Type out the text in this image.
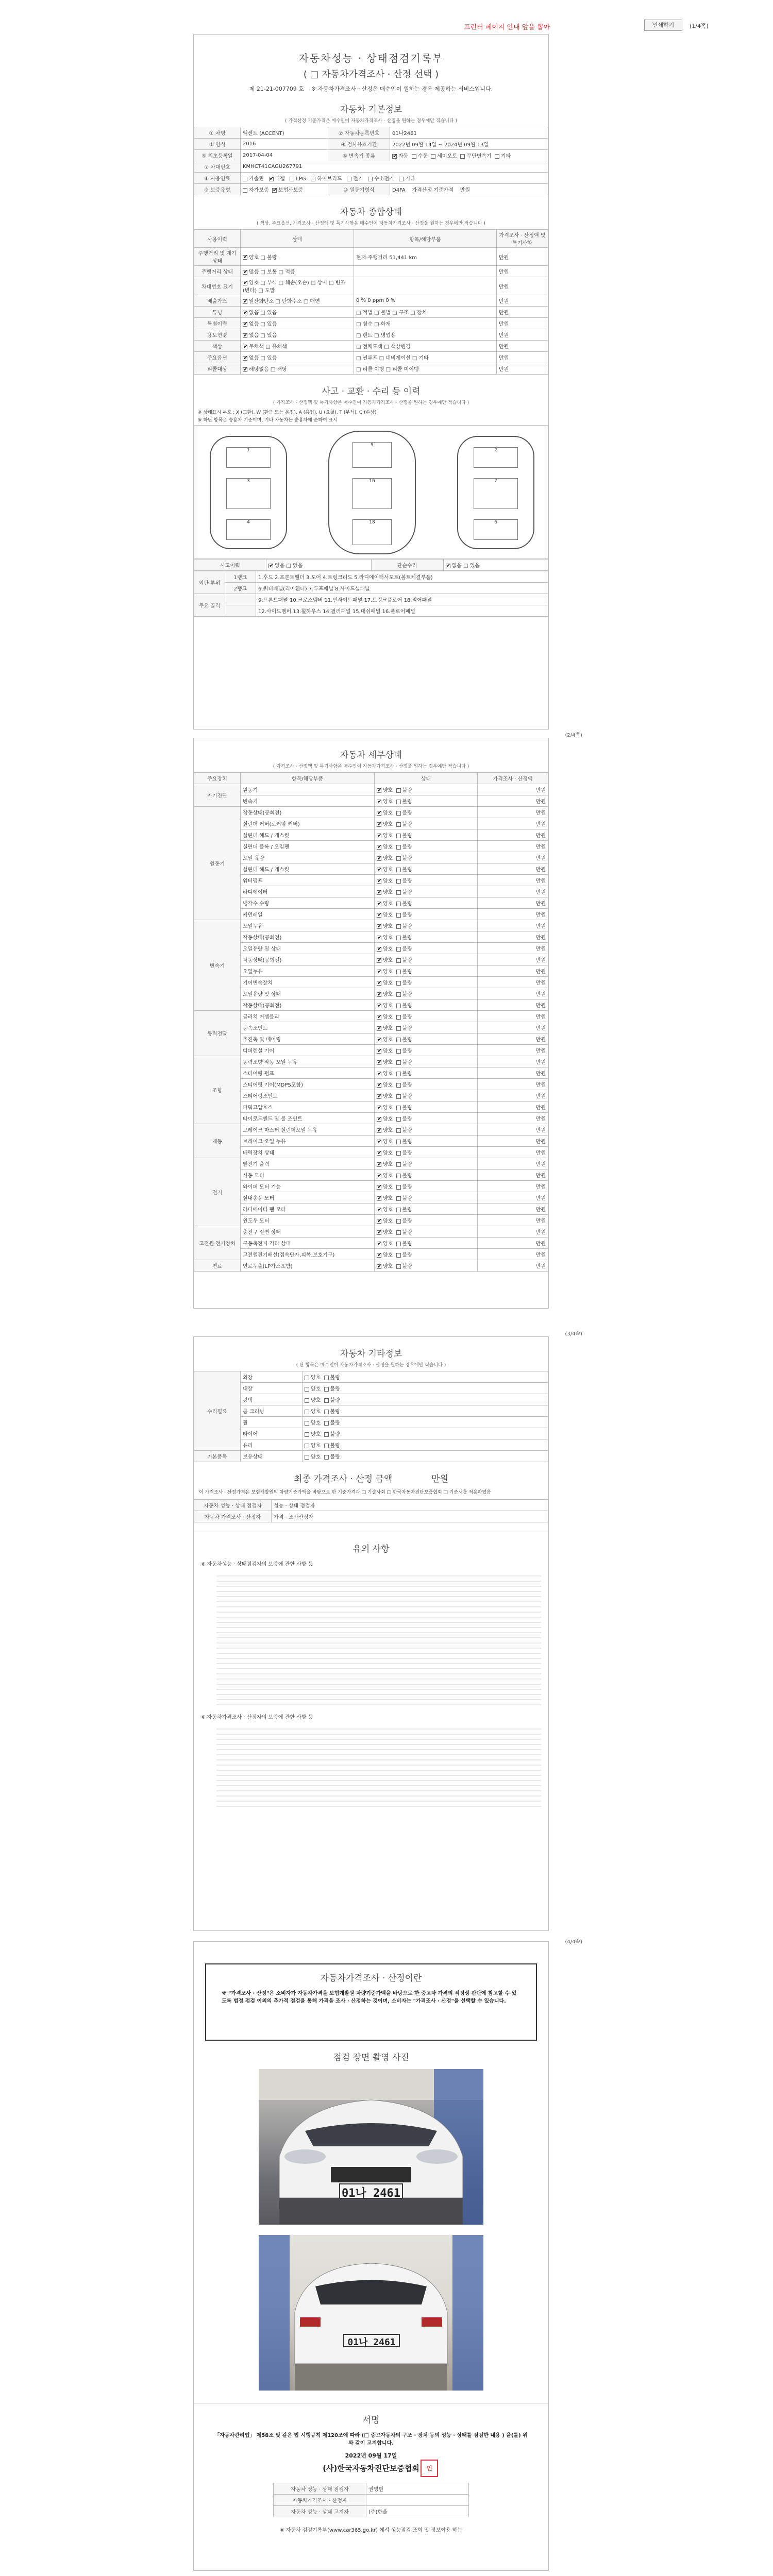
프린터 페이지 안내 앞을 뽑아	인쇄하기	(1/4쪽)
자동차성능 · 상태점검기록부
( □ 자동차가격조사 · 산정 선택 )
제 21-21-007709 호 ※ 자동차가격조사 · 산정은 매수인이 원하는 경우 제공하는 서비스입니다.
자동차 기본정보
( 가격산정 기준가격은 매수인이 자동차가격조사 · 산정을 원하는 경우에만 적습니다 )
① 차명	엑센트 (ACCENT)	② 자동차등록번호	01나2461
③ 연식	2016	④ 검사유효기간	2022년 09월 14일 ~ 2024년 09월 13일
⑤ 최초등록일	2017-04-04	⑥ 변속기 종류	✔자동 수동 세미오토 무단변속기 기타
⑦ 차대번호	KMHCT41CAGU267791		
⑧ 사용연료	가솔린 ✔ 디젤 LPG 하이브리드 전기 수소전기 기타
⑨ 보증유형	자가보증 ✔ 보험사보증	⑩ 원동기형식	D4FA 가격산정 기준가격 만원
자동차 종합상태
( 색상, 주요옵션, 가격조사 · 산정액 및 특기사항은 매수인이 자동차가격조사 · 산정을 원하는 경우에만 적습니다 )
사용이력	상태	항목/해당부품	가격조사 · 산정액 및 특기사항
주행거리 및 계기상태	✔양호 □ 불량	현재 주행거리 51,441 km	만원
주행거리 상태	✔많음 □ 보통 □ 적음		만원
차대번호 표기	✔양호 □ 부식 □ 훼손(오손) □ 상이 □ 변조(변타) □ 도말		만원
배출가스	✔일산화탄소 □ 탄화수소 □ 매연	0 % 0 ppm 0 %	만원
튜닝	✔없음 □ 있음	□ 적법 □ 불법 □ 구조 □ 장치	만원
특별이력	✔없음 □ 있음	□ 침수 □ 화재	만원
용도변경	✔없음 □ 있음	□ 렌트 □ 영업용	만원
색상	✔무채색 □ 유채색	□ 전체도색 □ 색상변경	만원
주요옵션	✔없음 □ 있음	□ 썬루프 □ 네비게이션 □ 기타	만원
리콜대상	✔해당없음 □ 해당	□ 리콜 이행 □ 리콜 미이행	만원
사고 · 교환 · 수리 등 이력
( 가격조사 · 산정액 및 특기사항은 매수인이 자동차가격조사 · 산정을 원하는 경우에만 적습니다 )
※ 상태표시 부호 : X (교환), W (판금 또는 용접), A (흠집), U (요철), T (부식), C (손상)
※ 하단 항목은 승용차 기준이며, 기타 자동차는 승용차에 준하여 표시
1
3
4
9
16
18
2
7
6
사고이력	✔없음 □ 있음	단순수리	✔없음 □ 있음
외판 부위	1랭크	1.후드 2.프론트휀더 3.도어 4.트렁크리드 5.라디에이터서포트(볼트체결부품)
	2랭크	6.쿼터패널(리어휀더) 7.루프패널 8.사이드실패널
주요 골격		9.프론트패널 10.크로스멤버 11.인사이드패널 17.트렁크플로어 18.리어패널
		12.사이드멤버 13.휠하우스 14.필러패널 15.대쉬패널 16.플로어패널
(2/4쪽)
자동차 세부상태
( 가격조사 · 산정액 및 특기사항은 매수인이 자동차가격조사 · 산정을 원하는 경우에만 적습니다 )
주요장치	항목/해당부품	상태	가격조사 · 산정액
자기진단	원동기	✔양호 불량	만원
	변속기	✔양호 불량	만원
원동기	작동상태(공회전)	✔양호 불량	만원
	실린더 커버(로커암 커버)	✔양호 불량	만원
	실린더 헤드 / 개스킷	✔양호 불량	만원
	실린더 블록 / 오일팬	✔양호 불량	만원
	오일 유량	✔양호 불량	만원
	실린더 헤드 / 개스킷	✔양호 불량	만원
	워터펌프	✔양호 불량	만원
	라디에이터	✔양호 불량	만원
	냉각수 수량	✔양호 불량	만원
	커먼레일	✔양호 불량	만원
변속기	오일누유	✔양호 불량	만원
	작동상태(공회전)	✔양호 불량	만원
	오일유량 및 상태	✔양호 불량	만원
	작동상태(공회전)	✔양호 불량	만원
	오일누유	✔양호 불량	만원
	기어변속장치	✔양호 불량	만원
	오일유량 및 상태	✔양호 불량	만원
	작동상태(공회전)	✔양호 불량	만원
동력전달	클러치 어셈블리	✔양호 불량	만원
	등속조인트	✔양호 불량	만원
	추진축 및 베어링	✔양호 불량	만원
	디퍼렌셜 기어	✔양호 불량	만원
조향	동력조향 작동 오일 누유	✔양호 불량	만원
	스티어링 펌프	✔양호 불량	만원
	스티어링 기어(MDPS포함)	✔양호 불량	만원
	스티어링조인트	✔양호 불량	만원
	파워고압호스	✔양호 불량	만원
	타이로드엔드 및 볼 조인트	✔양호 불량	만원
제동	브레이크 마스터 실린더오일 누유	✔양호 불량	만원
	브레이크 오일 누유	✔양호 불량	만원
	배력장치 상태	✔양호 불량	만원
전기	발전기 출력	✔양호 불량	만원
	시동 모터	✔양호 불량	만원
	와이퍼 모터 기능	✔양호 불량	만원
	실내송풍 모터	✔양호 불량	만원
	라디에이터 팬 모터	✔양호 불량	만원
	윈도우 모터	✔양호 불량	만원
고전원 전기장치	충전구 절연 상태	✔양호 불량	만원
	구동축전지 격리 상태	✔양호 불량	만원
	고전원전기배선(접속단자,피복,보호기구)	✔양호 불량	만원
연료	연료누출(LP가스포함)	✔양호 불량	만원
(3/4쪽)
자동차 기타정보
( 단 항목은 매수인이 자동차가격조사 · 산정을 원하는 경우에만 적습니다 )
수리필요	외장	양호 불량
	내장	양호 불량
	광택	양호 불량
	룸 크리닝	양호 불량
	휠	양호 불량
	타이어	양호 불량
	유리	양호 불량
기본품목	보유상태	양호 불량
최종 가격조사 · 산정 금액	만원
이 가격조사 · 산정가격은 보험개발원의 차량기준가액을 바탕으로 한 기준가격과 □ 기술사회 □ 한국자동차진단보증협회 □ 기준서를 적용하였음
자동차 성능 · 상태 점검자	성능 · 상태 점검자
자동차 가격조사 · 산정자	가격 · 조사산정자
유의 사항
※ 자동차성능 · 상태점검자의 보증에 관한 사항 등
※ 자동차가격조사 · 산정자의 보증에 관한 사항 등
(4/4쪽)
자동차가격조사 · 산정이란
※ "가격조사 · 산정"은 소비자가 자동차가격을 보험개발원 차량기준가액을 바탕으로 한 중고차 가격의 적정성 판단에 참고할 수 있도록 법정 점검 이외의 추가적 점검을 통해 가격을 조사 · 산정하는 것이며, 소비자는 "가격조사 · 산정"을 선택할 수 있습니다.
점검 장면 촬영 사진
01나 2461
01나 2461
서명
「자동차관리법」 제58조 및 같은 법 시행규칙 제120조에 따라 (□ 중고자동차의 구조 · 장치 등의 성능 · 상태를 점검한 내용 ) 을(를) 위와 같이 고지합니다.
2022년 09월 17일
(사)한국자동차진단보증협회	인
자동차 성능 · 상태 점검자	권영현
자동차가격조사 · 산정자	
자동차 성능 · 상태 고지자	(주)한울
※ 자동차 점검기록부(www.car365.go.kr) 에서 성능점검 조회 및 정보이용 하는
